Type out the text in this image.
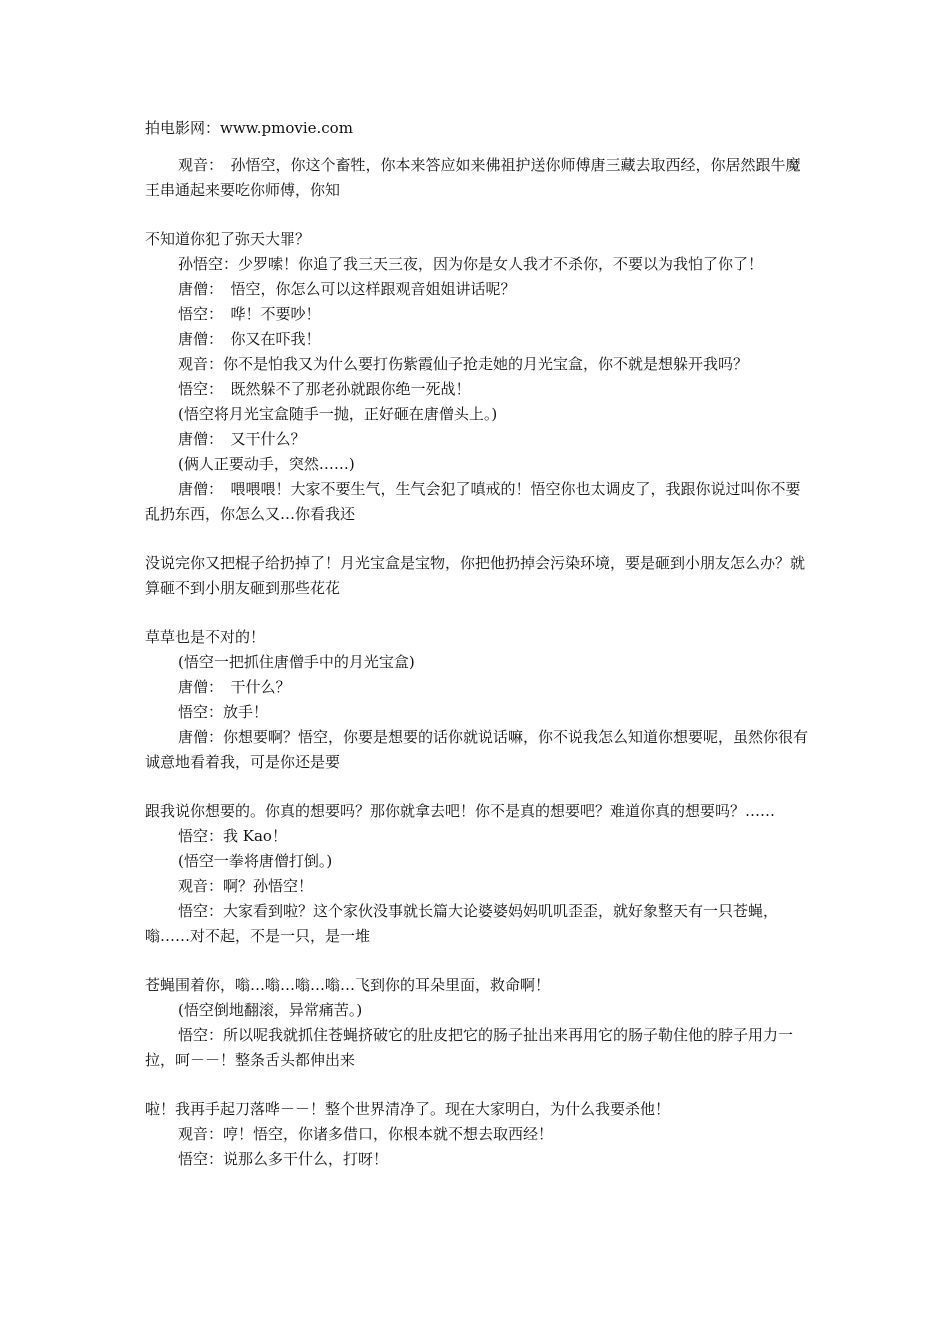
拍电影网：www.pmovie.com

观音：　孙悟空，你这个畜牲，你本来答应如来佛祖护送你师傅唐三藏去取西经，你居然跟牛魔王串通起来要吃你师傅，你知

不知道你犯了弥天大罪？

孙悟空：少罗嗦！你追了我三天三夜，因为你是女人我才不杀你，不要以为我怕了你了！

唐僧：　悟空，你怎么可以这样跟观音姐姐讲话呢？

悟空：　哗！不要吵！

唐僧：　你又在吓我！

观音：你不是怕我又为什么要打伤紫霞仙子抢走她的月光宝盒，你不就是想躲开我吗？

悟空：　既然躲不了那老孙就跟你绝一死战！

(悟空将月光宝盒随手一抛，正好砸在唐僧头上。)

唐僧：　又干什么？

(俩人正要动手，突然……)

唐僧：　喂喂喂！大家不要生气，生气会犯了嗔戒的！悟空你也太调皮了，我跟你说过叫你不要乱扔东西，你怎么又…你看我还

没说完你又把棍子给扔掉了！月光宝盒是宝物，你把他扔掉会污染环境，要是砸到小朋友怎么办？就算砸不到小朋友砸到那些花花

草草也是不对的！

(悟空一把抓住唐僧手中的月光宝盒)

唐僧：　干什么？

悟空：放手！

唐僧：你想要啊？悟空，你要是想要的话你就说话嘛，你不说我怎么知道你想要呢，虽然你很有诚意地看着我，可是你还是要

跟我说你想要的。你真的想要吗？那你就拿去吧！你不是真的想要吧？难道你真的想要吗？……

悟空：我 Kao！

(悟空一拳将唐僧打倒。)

观音：啊？孙悟空！

悟空：大家看到啦？这个家伙没事就长篇大论婆婆妈妈叽叽歪歪，就好象整天有一只苍蝇，嗡……对不起，不是一只，是一堆

苍蝇围着你，嗡…嗡…嗡…嗡…飞到你的耳朵里面，救命啊！

(悟空倒地翻滚，异常痛苦。)

悟空：所以呢我就抓住苍蝇挤破它的肚皮把它的肠子扯出来再用它的肠子勒住他的脖子用力一拉，呵－－！整条舌头都伸出来

啦！我再手起刀落哗－－！整个世界清净了。现在大家明白，为什么我要杀他！

观音：哼！悟空，你诸多借口，你根本就不想去取西经！

悟空：说那么多干什么，打呀！
